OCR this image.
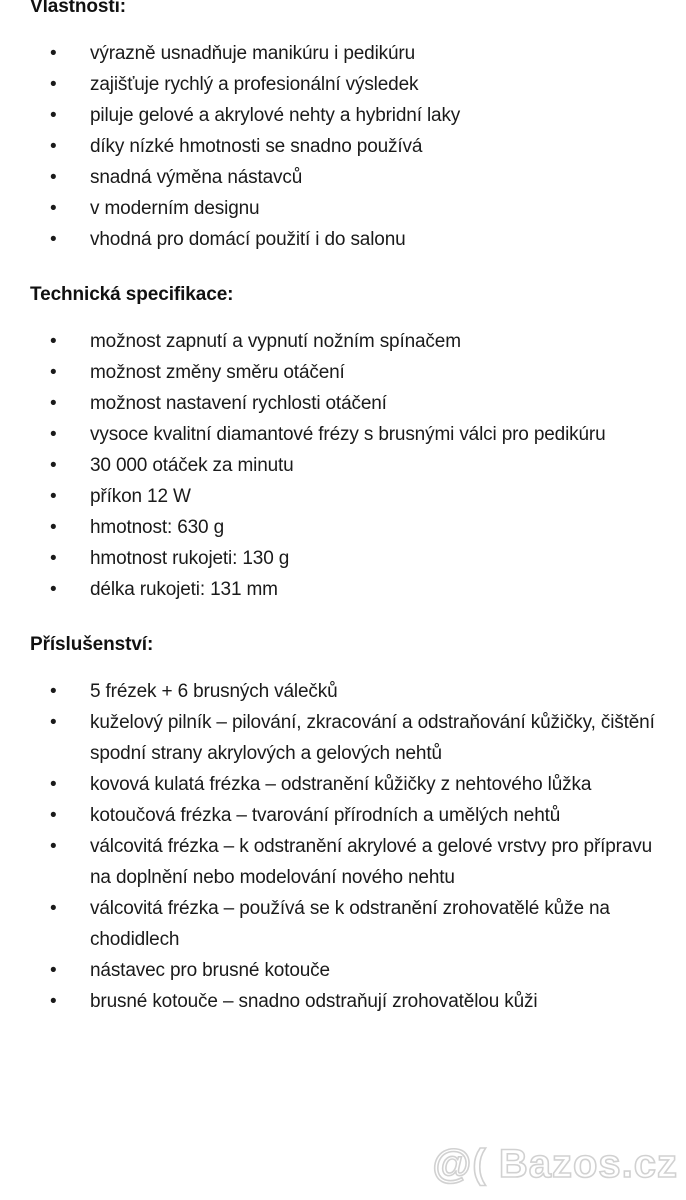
Vlastnosti:
• výrazně usnadňuje manikúru i pedikúru
• zajišťuje rychlý a profesionální výsledek
• piluje gelové a akrylové nehty a hybridní laky
• díky nízké hmotnosti se snadno používá
• snadná výměna nástavců
• v moderním designu
• vhodná pro domácí použití i do salonu
Technická specifikace:
• možnost zapnutí a vypnutí nožním spínačem
• možnost změny směru otáčení
• možnost nastavení rychlosti otáčení
• vysoce kvalitní diamantové frézy s brusnými válci pro pedikúru
• 30 000 otáček za minutu
• příkon 12 W
• hmotnost: 630 g
• hmotnost rukojeti: 130 g
• délka rukojeti: 131 mm
Příslušenství:
• 5 frézek + 6 brusných válečků
• kuželový pilník – pilování, zkracování a odstraňování kůžičky, čištění spodní strany akrylových a gelových nehtů
• kovová kulatá frézka – odstranění kůžičky z nehtového lůžka
• kotoučová frézka – tvarování přírodních a umělých nehtů
• válcovitá frézka – k odstranění akrylové a gelové vrstvy pro přípravu na doplnění nebo modelování nového nehtu
• válcovitá frézka – používá se k odstranění zrohovatělé kůže na chodidlech
• nástavec pro brusné kotouče
• brusné kotouče – snadno odstraňují zrohovatělou kůži
@( Bazos.cz
